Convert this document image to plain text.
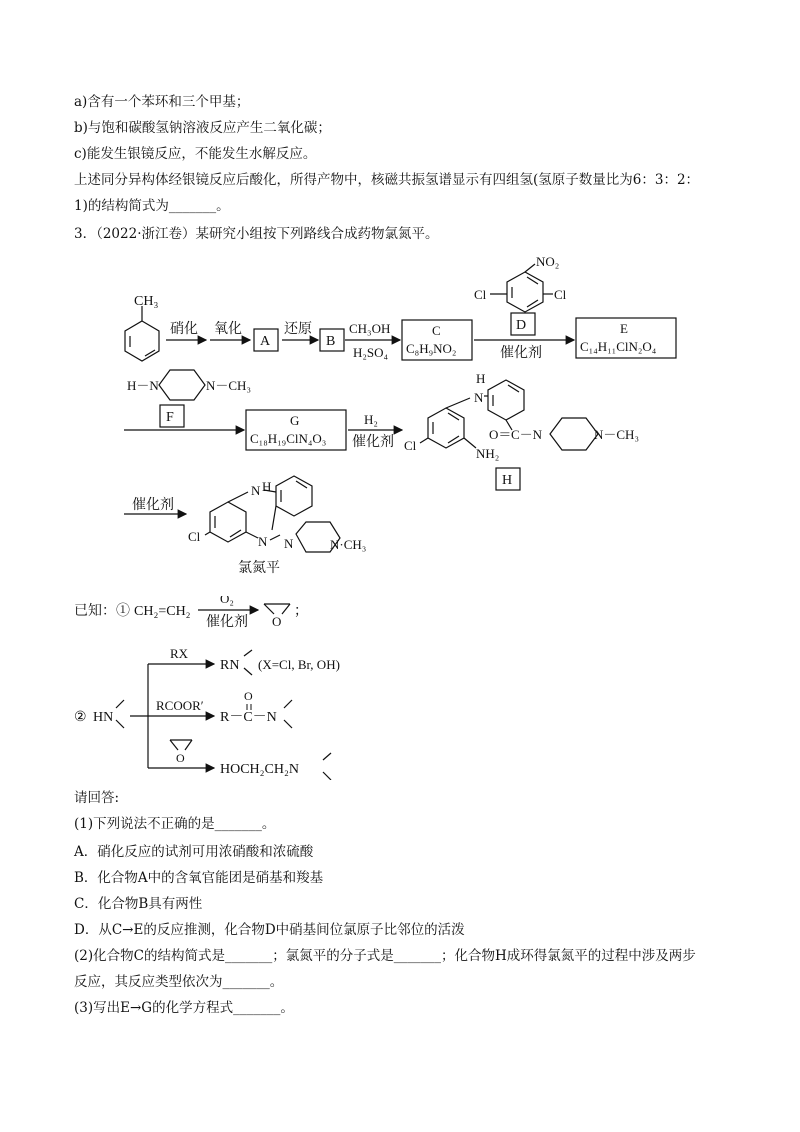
a)含有一个苯环和三个甲基；
b)与饱和碳酸氢钠溶液反应产生二氧化碳；
c)能发生银镜反应，不能发生水解反应。
上述同分异构体经银镜反应后酸化，所得产物中，核磁共振氢谱显示有四组氢(氢原子数量比为6：3：2：
1)的结构简式为_______。
3．（2022·浙江卷）某研究小组按下列路线合成药物氯氮平。
CH₃
硝化 氧化
A
还原
B
CH₃OH
H₂SO₄
C
C₈H₉NO₂
NO₂
Cl	Cl
D
催化剂
E
C₁₄H₁₁ClN₂O₄
H－N	N－CH₃
F	G
C₁₈H₁₉ClN₄O₃
H₂
催化剂 Cl
N
H
NH₂
O＝ C－N	N－CH₃
H
催化剂
Cl
N H
N N	N·CH₃
氯氮平
已知：① CH₂=CH₂
O₂
催化剂 O
；
② HN
RX
RCOOR′
O
RN (X=Cl, Br, OH)
O
R－C－N
HOCH₂CH₂N
请回答:
(1)下列说法不正确的是_______。
A．硝化反应的试剂可用浓硝酸和浓硫酸
B．化合物A中的含氧官能团是硝基和羧基
C．化合物B具有两性
D．从C→E的反应推测，化合物D中硝基间位氯原子比邻位的活泼
(2)化合物C的结构简式是_______；氯氮平的分子式是_______；化合物H成环得氯氮平的过程中涉及两步
反应，其反应类型依次为_______。
(3)写出E→G的化学方程式_______。
